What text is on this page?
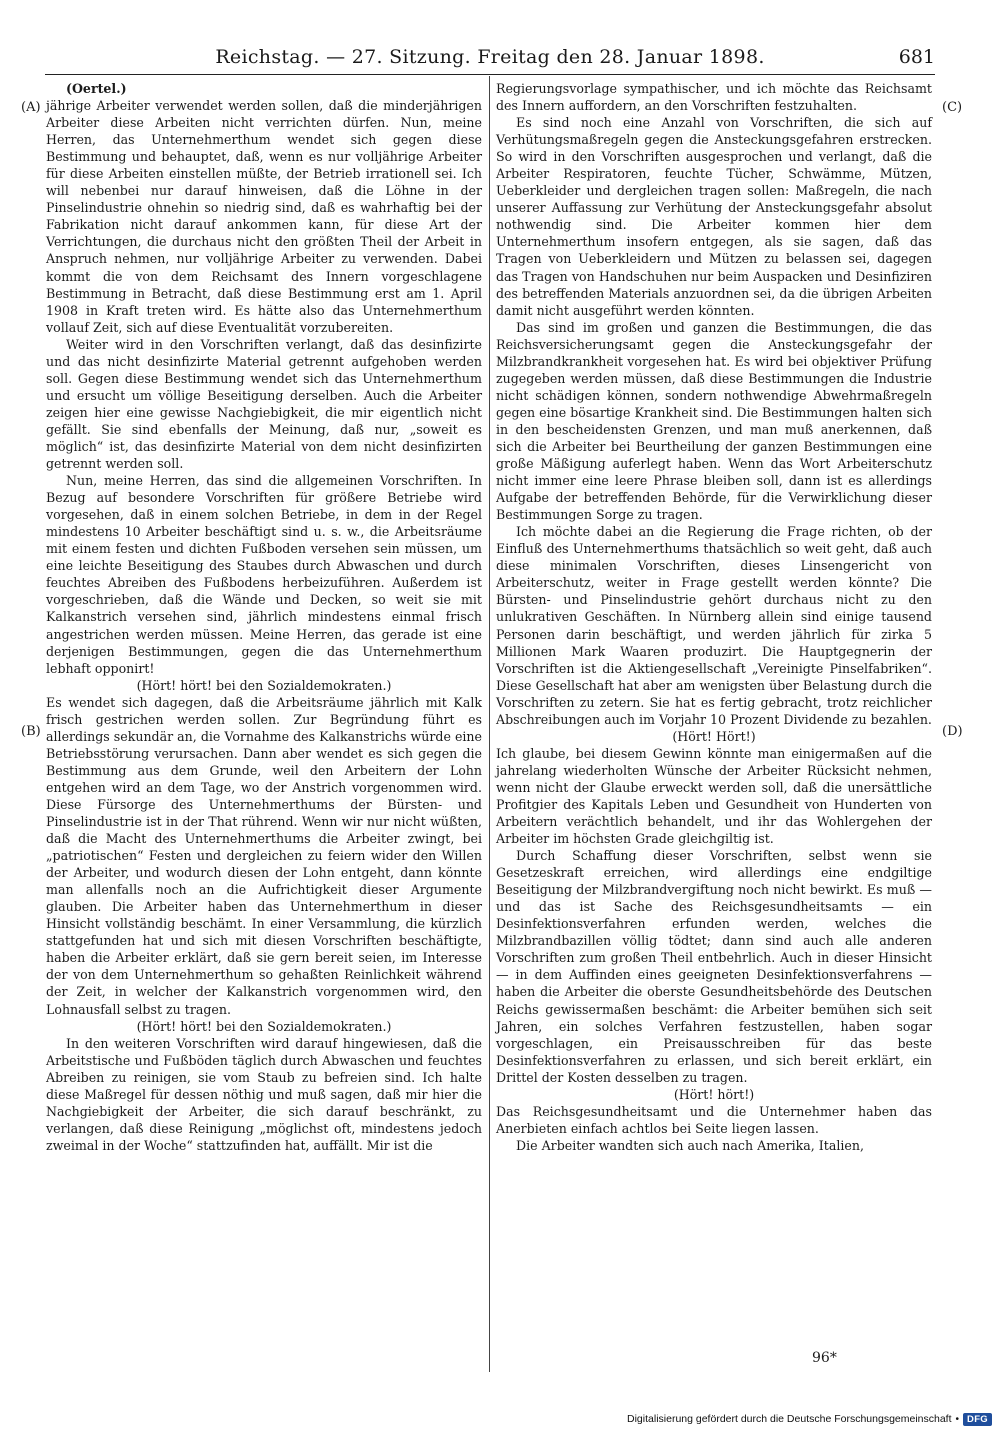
Reichstag. — 27. Sitzung. Freitag den 28. Januar 1898.	681
(A)
(B)
(C)
(D)

(Oertel.)

jährige Arbeiter verwendet werden sollen, daß die minderjährigen Arbeiter diese Arbeiten nicht verrichten dürfen. Nun, meine Herren, das Unternehmerthum wendet sich gegen diese Bestimmung und behauptet, daß, wenn es nur volljährige Arbeiter für diese Arbeiten einstellen müßte, der Betrieb irrationell sei. Ich will nebenbei nur darauf hinweisen, daß die Löhne in der Pinselindustrie ohnehin so niedrig sind, daß es wahrhaftig bei der Fabrikation nicht darauf ankommen kann, für diese Art der Verrichtungen, die durchaus nicht den größten Theil der Arbeit in Anspruch nehmen, nur volljährige Arbeiter zu verwenden. Dabei kommt die von dem Reichsamt des Innern vorgeschlagene Bestimmung in Betracht, daß diese Bestimmung erst am 1. April 1908 in Kraft treten wird. Es hätte also das Unternehmerthum vollauf Zeit, sich auf diese Eventualität vorzubereiten.

Weiter wird in den Vorschriften verlangt, daß das desinfizirte und das nicht desinfizirte Material getrennt aufgehoben werden soll. Gegen diese Bestimmung wendet sich das Unternehmerthum und ersucht um völlige Beseitigung derselben. Auch die Arbeiter zeigen hier eine gewisse Nachgiebigkeit, die mir eigentlich nicht gefällt. Sie sind ebenfalls der Meinung, daß nur, „soweit es möglich“ ist, das desinfizirte Material von dem nicht desinfizirten getrennt werden soll.

Nun, meine Herren, das sind die allgemeinen Vorschriften. In Bezug auf besondere Vorschriften für größere Betriebe wird vorgesehen, daß in einem solchen Betriebe, in dem in der Regel mindestens 10 Arbeiter beschäftigt sind u. s. w., die Arbeitsräume mit einem festen und dichten Fußboden versehen sein müssen, um eine leichte Beseitigung des Staubes durch Abwaschen und durch feuchtes Abreiben des Fußbodens herbeizuführen. Außerdem ist vorgeschrieben, daß die Wände und Decken, so weit sie mit Kalkanstrich versehen sind, jährlich mindestens einmal frisch angestrichen werden müssen. Meine Herren, das gerade ist eine derjenigen Bestimmungen, gegen die das Unternehmerthum lebhaft opponirt!

(Hört! hört! bei den Sozialdemokraten.)

Es wendet sich dagegen, daß die Arbeitsräume jährlich mit Kalk frisch gestrichen werden sollen. Zur Begründung führt es allerdings sekundär an, die Vornahme des Kalkanstrichs würde eine Betriebsstörung verursachen. Dann aber wendet es sich gegen die Bestimmung aus dem Grunde, weil den Arbeitern der Lohn entgehen wird an dem Tage, wo der Anstrich vorgenommen wird. Diese Fürsorge des Unternehmerthums der Bürsten- und Pinselindustrie ist in der That rührend. Wenn wir nur nicht wüßten, daß die Macht des Unternehmerthums die Arbeiter zwingt, bei „patriotischen“ Festen und dergleichen zu feiern wider den Willen der Arbeiter, und wodurch diesen der Lohn entgeht, dann könnte man allenfalls noch an die Aufrichtigkeit dieser Argumente glauben. Die Arbeiter haben das Unternehmerthum in dieser Hinsicht vollständig beschämt. In einer Versammlung, die kürzlich stattgefunden hat und sich mit diesen Vorschriften beschäftigte, haben die Arbeiter erklärt, daß sie gern bereit seien, im Interesse der von dem Unternehmerthum so gehaßten Reinlichkeit während der Zeit, in welcher der Kalkanstrich vorgenommen wird, den Lohnausfall selbst zu tragen.

(Hört! hört! bei den Sozialdemokraten.)

In den weiteren Vorschriften wird darauf hingewiesen, daß die Arbeitstische und Fußböden täglich durch Abwaschen und feuchtes Abreiben zu reinigen, sie vom Staub zu befreien sind. Ich halte diese Maßregel für dessen nöthig und muß sagen, daß mir hier die Nachgiebigkeit der Arbeiter, die sich darauf beschränkt, zu verlangen, daß diese Reinigung „möglichst oft, mindestens jedoch zweimal in der Woche“ stattzufinden hat, auffällt. Mir ist die

Regierungsvorlage sympathischer, und ich möchte das Reichsamt des Innern auffordern, an den Vorschriften festzuhalten.

Es sind noch eine Anzahl von Vorschriften, die sich auf Verhütungsmaßregeln gegen die Ansteckungsgefahren erstrecken. So wird in den Vorschriften ausgesprochen und verlangt, daß die Arbeiter Respiratoren, feuchte Tücher, Schwämme, Mützen, Ueberkleider und dergleichen tragen sollen: Maßregeln, die nach unserer Auffassung zur Verhütung der Ansteckungsgefahr absolut nothwendig sind. Die Arbeiter kommen hier dem Unternehmerthum insofern entgegen, als sie sagen, daß das Tragen von Ueberkleidern und Mützen zu belassen sei, dagegen das Tragen von Handschuhen nur beim Auspacken und Desinfiziren des betreffenden Materials anzuordnen sei, da die übrigen Arbeiten damit nicht ausgeführt werden könnten.

Das sind im großen und ganzen die Bestimmungen, die das Reichsversicherungsamt gegen die Ansteckungsgefahr der Milzbrandkrankheit vorgesehen hat. Es wird bei objektiver Prüfung zugegeben werden müssen, daß diese Bestimmungen die Industrie nicht schädigen können, sondern nothwendige Abwehrmaßregeln gegen eine bösartige Krankheit sind. Die Bestimmungen halten sich in den bescheidensten Grenzen, und man muß anerkennen, daß sich die Arbeiter bei Beurtheilung der ganzen Bestimmungen eine große Mäßigung auferlegt haben. Wenn das Wort Arbeiterschutz nicht immer eine leere Phrase bleiben soll, dann ist es allerdings Aufgabe der betreffenden Behörde, für die Verwirklichung dieser Bestimmungen Sorge zu tragen.

Ich möchte dabei an die Regierung die Frage richten, ob der Einfluß des Unternehmerthums thatsächlich so weit geht, daß auch diese minimalen Vorschriften, dieses Linsengericht von Arbeiterschutz, weiter in Frage gestellt werden könnte? Die Bürsten- und Pinselindustrie gehört durchaus nicht zu den unlukrativen Geschäften. In Nürnberg allein sind einige tausend Personen darin beschäftigt, und werden jährlich für zirka 5 Millionen Mark Waaren produzirt. Die Hauptgegnerin der Vorschriften ist die Aktiengesellschaft „Vereinigte Pinselfabriken“. Diese Gesellschaft hat aber am wenigsten über Belastung durch die Vorschriften zu zetern. Sie hat es fertig gebracht, trotz reichlicher Abschreibungen auch im Vorjahr 10 Prozent Dividende zu bezahlen.

(Hört! Hört!)

Ich glaube, bei diesem Gewinn könnte man einigermaßen auf die jahrelang wiederholten Wünsche der Arbeiter Rücksicht nehmen, wenn nicht der Glaube erweckt werden soll, daß die unersättliche Profitgier des Kapitals Leben und Gesundheit von Hunderten von Arbeitern verächtlich behandelt, und ihr das Wohlergehen der Arbeiter im höchsten Grade gleichgiltig ist.

Durch Schaffung dieser Vorschriften, selbst wenn sie Gesetzeskraft erreichen, wird allerdings eine endgiltige Beseitigung der Milzbrandvergiftung noch nicht bewirkt. Es muß — und das ist Sache des Reichsgesundheitsamts — ein Desinfektionsverfahren erfunden werden, welches die Milzbrandbazillen völlig tödtet; dann sind auch alle anderen Vorschriften zum großen Theil entbehrlich. Auch in dieser Hinsicht — in dem Auffinden eines geeigneten Desinfektionsverfahrens — haben die Arbeiter die oberste Gesundheitsbehörde des Deutschen Reichs gewissermaßen beschämt: die Arbeiter bemühen sich seit Jahren, ein solches Verfahren festzustellen, haben sogar vorgeschlagen, ein Preisausschreiben für das beste Desinfektionsverfahren zu erlassen, und sich bereit erklärt, ein Drittel der Kosten desselben zu tragen.

(Hört! hört!)

Das Reichsgesundheitsamt und die Unternehmer haben das Anerbieten einfach achtlos bei Seite liegen lassen.

Die Arbeiter wandten sich auch nach Amerika, Italien,

96*
Digitalisierung gefördert durch die Deutsche Forschungsgemeinschaft • DFG
